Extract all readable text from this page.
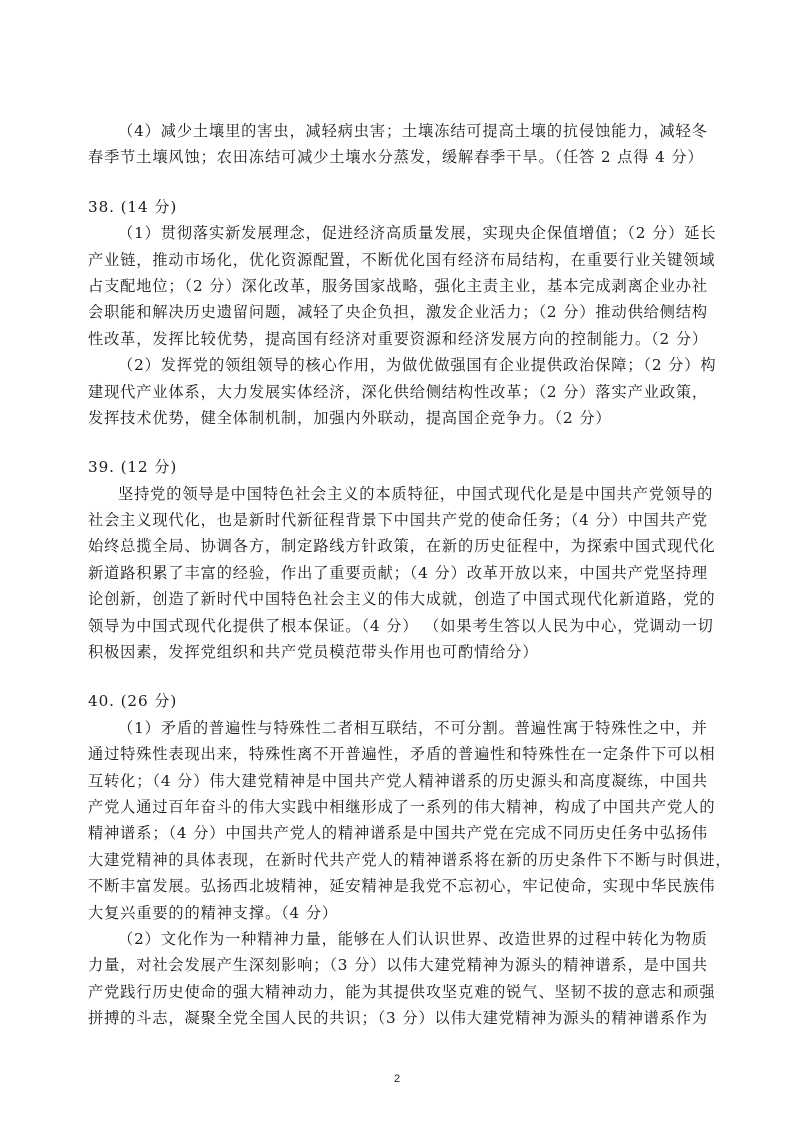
（4）减少土壤里的害虫，减轻病虫害；土壤冻结可提高土壤的抗侵蚀能力，减轻冬
春季节土壤风蚀；农田冻结可减少土壤水分蒸发，缓解春季干旱。（任答 2 点得 4 分）
38. (14 分)
（1）贯彻落实新发展理念，促进经济高质量发展，实现央企保值增值；（2 分）延长
产业链，推动市场化，优化资源配置，不断优化国有经济布局结构，在重要行业关键领域
占支配地位；（2 分）深化改革，服务国家战略，强化主责主业，基本完成剥离企业办社
会职能和解决历史遗留问题，减轻了央企负担，激发企业活力；（2 分）推动供给侧结构
性改革，发挥比较优势，提高国有经济对重要资源和经济发展方向的控制能力。（2 分）
（2）发挥党的领组领导的核心作用，为做优做强国有企业提供政治保障；（2 分）构
建现代产业体系，大力发展实体经济，深化供给侧结构性改革；（2 分）落实产业政策，
发挥技术优势，健全体制机制，加强内外联动，提高国企竞争力。（2 分）
39. (12 分)
坚持党的领导是中国特色社会主义的本质特征，中国式现代化是是中国共产党领导的
社会主义现代化，也是新时代新征程背景下中国共产党的使命任务；（4 分）中国共产党
始终总揽全局、协调各方，制定路线方针政策，在新的历史征程中，为探索中国式现代化
新道路积累了丰富的经验，作出了重要贡献；（4 分）改革开放以来，中国共产党坚持理
论创新，创造了新时代中国特色社会主义的伟大成就，创造了中国式现代化新道路，党的
领导为中国式现代化提供了根本保证。（4 分） （如果考生答以人民为中心，党调动一切
积极因素，发挥党组织和共产党员模范带头作用也可酌情给分）
40. (26 分)
（1）矛盾的普遍性与特殊性二者相互联结，不可分割。普遍性寓于特殊性之中，并
通过特殊性表现出来，特殊性离不开普遍性，矛盾的普遍性和特殊性在一定条件下可以相
互转化；（4 分）伟大建党精神是中国共产党人精神谱系的历史源头和高度凝练，中国共
产党人通过百年奋斗的伟大实践中相继形成了一系列的伟大精神，构成了中国共产党人的
精神谱系；（4 分）中国共产党人的精神谱系是中国共产党在完成不同历史任务中弘扬伟
大建党精神的具体表现，在新时代共产党人的精神谱系将在新的历史条件下不断与时俱进，
不断丰富发展。弘扬西北坡精神，延安精神是我党不忘初心，牢记使命，实现中华民族伟
大复兴重要的的精神支撑。（4 分）
（2）文化作为一种精神力量，能够在人们认识世界、改造世界的过程中转化为物质
力量，对社会发展产生深刻影响；（3 分）以伟大建党精神为源头的精神谱系，是中国共
产党践行历史使命的强大精神动力，能为其提供攻坚克难的锐气、坚韧不拔的意志和顽强
拼搏的斗志，凝聚全党全国人民的共识；（3 分）以伟大建党精神为源头的精神谱系作为
2
